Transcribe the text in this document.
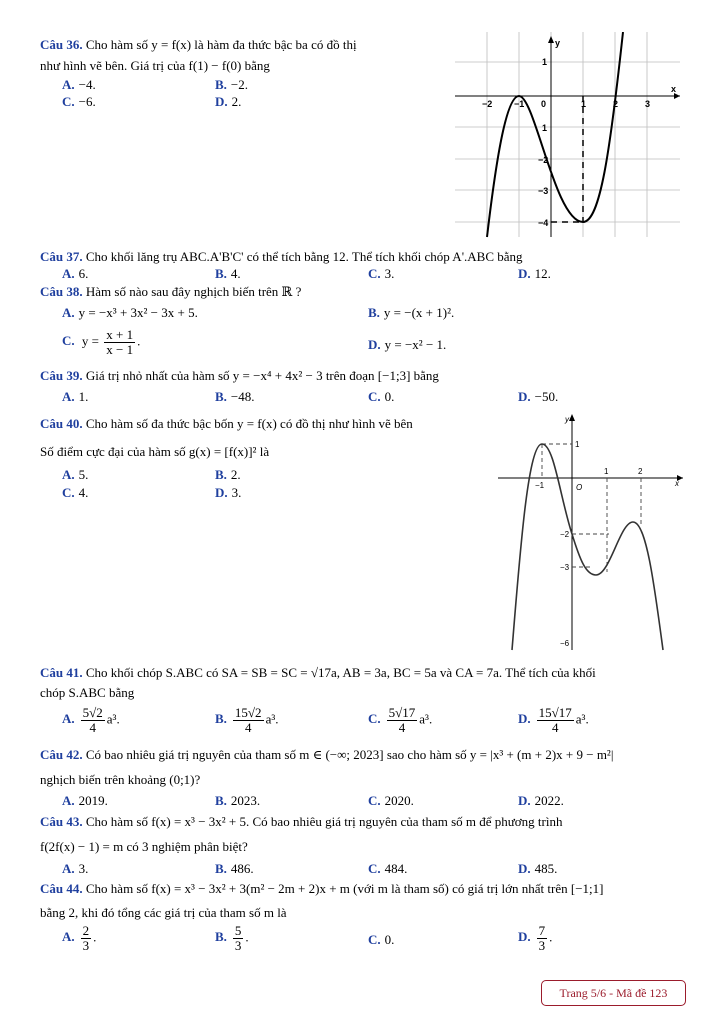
Câu 36. Cho hàm số y = f(x) là hàm đa thức bậc ba có đồ thị
như hình vẽ bên. Giá trị của f(1) − f(0) bằng
A. −4.	B. −2.
C. −6.	D. 2.
x
y
0
−2 −1	1	2	3
1
1
−2
−3
−4
Câu 37. Cho khối lăng trụ ABC.A'B'C' có thể tích bằng 12. Thể tích khối chóp A'.ABC bằng
A. 6.	B. 4.	C. 3.	D. 12.
Câu 38. Hàm số nào sau đây nghịch biến trên ℝ ?
A. y = −x³ + 3x² − 3x + 5.	B. y = −(x + 1)².
C. $y = \frac{x + 1}{x - 1}$ .	D. y = −x² − 1.
Câu 39. Giá trị nhỏ nhất của hàm số y = −x⁴ + 4x² − 3 trên đoạn [−1;3] bằng
A. 1.	B. −48.	C. 0.	D. −50.
Câu 40. Cho hàm số đa thức bậc bốn y = f(x) có đồ thị như hình vẽ bên
Số điểm cực đại của hàm số g(x) = [f(x)]² là
A. 5.	B. 2.
C. 4.	D. 3.
x
y
O
−1
1	2
1
−2
−3
−6
Câu 41. Cho khối chóp S.ABC có SA = SB = SC = √17a, AB = 3a, BC = 5a và CA = 7a. Thể tích của khối
chóp S.ABC bằng
A. $\frac{5√2}{4} a^3$.	B. $\frac{15√2}{4} a^3$.	C. $\frac{5√17}{4} a^3$.	D. $\frac{15√17}{4} a^3$.
Câu 42. Có bao nhiêu giá trị nguyên của tham số m ∈ (−∞; 2023] sao cho hàm số y = |x³ + (m + 2)x + 9 − m²|
nghịch biến trên khoảng (0;1)?
A. 2019.	B. 2023.	C. 2020.	D. 2022.
Câu 43. Cho hàm số f(x) = x³ − 3x² + 5. Có bao nhiêu giá trị nguyên của tham số m để phương trình
f(2f(x) − 1) = m có 3 nghiệm phân biệt?
A. 3.	B. 486.	C. 484.	D. 485.
Câu 44. Cho hàm số f(x) = x³ − 3x² + 3(m² − 2m + 2)x + m (với m là tham số) có giá trị lớn nhất trên [−1;1]
bằng 2, khi đó tổng các giá trị của tham số m là
A. $\frac{2}{3}$ .	B. $\frac{5}{3}$ .	C. 0.	D. $\frac{7}{3}$ .
Trang 5/6 - Mã đề 123
